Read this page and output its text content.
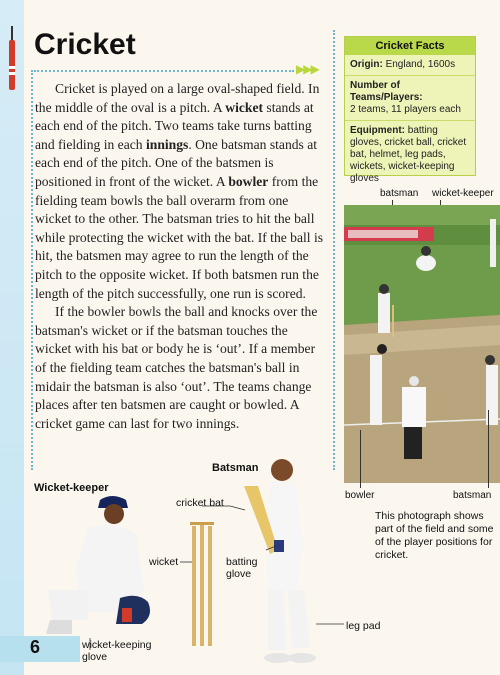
Cricket
▶▶▶

Cricket is played on a large oval-shaped field. In the middle of the oval is a pitch. A wicket stands at each end of the pitch. Two teams take turns batting and fielding in each innings. One batsman stands at each end of the pitch. One of the batsmen is positioned in front of the wicket. A bowler from the fielding team bowls the ball overarm from one wicket to the other. The batsman tries to hit the ball while protecting the wicket with the bat. If the ball is hit, the batsmen may agree to run the length of the pitch to the opposite wicket. If both batsmen run the length of the pitch successfully, one run is scored.

If the bowler bowls the ball and knocks over the batsman's wicket or if the batsman touches the wicket with his bat or body he is ‘out’. If a member of the fielding team catches the batsman's ball in midair the batsman is also ‘out’. The teams change places after ten batsmen are caught or bowled. A cricket game can last for two innings.

Cricket Facts
Origin: England, 1600s
Number of Teams/Players:
2 teams, 11 players each
Equipment: batting gloves, cricket ball, cricket bat, helmet, leg pads, wickets, wicket-keeping gloves
batsman wicket-keeper
bowler	batsman
This photograph shows part of the field and some of the player positions for cricket.
Wicket-keeper
Batsman
cricket bat
wicket	batting glove
leg pad
wicket-keeping glove
6
